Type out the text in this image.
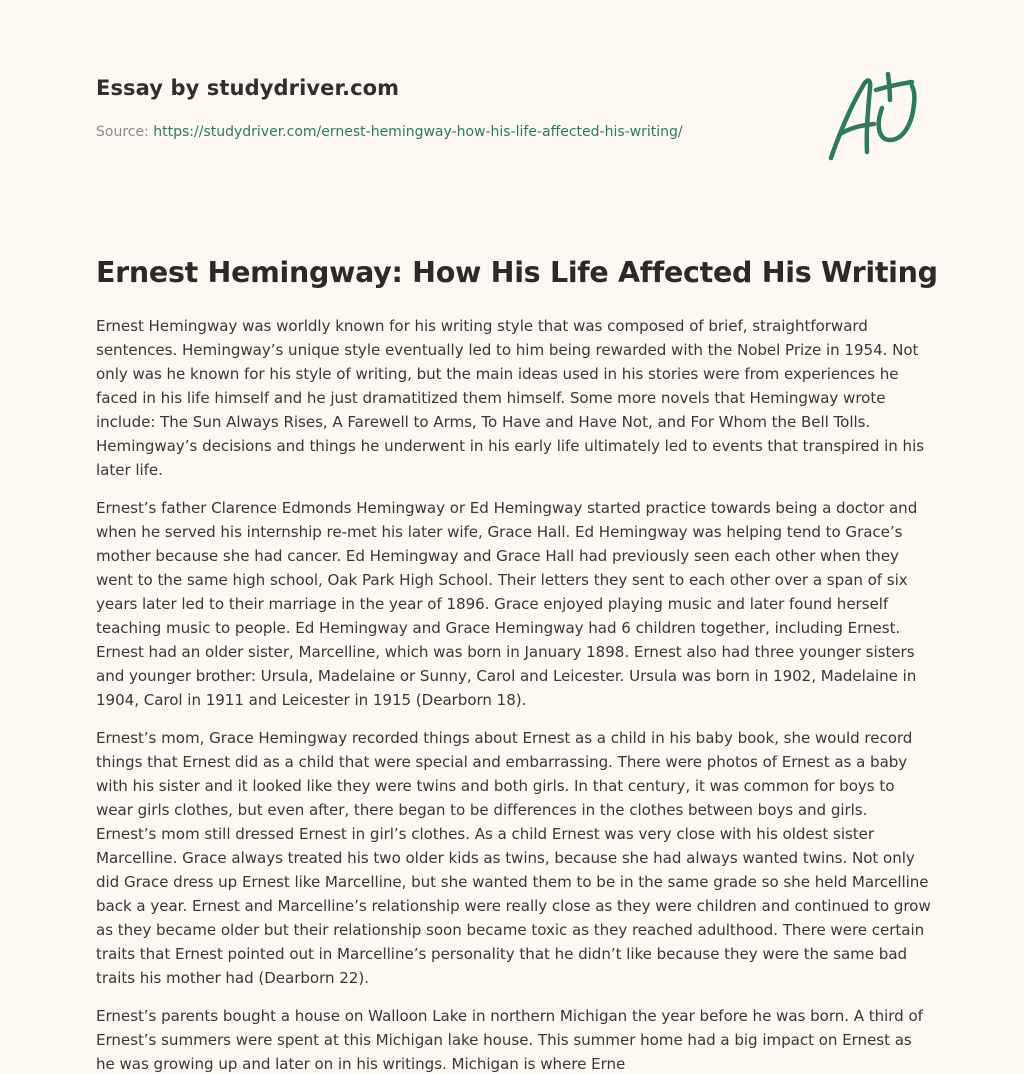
Essay by studydriver.com
Source: https://studydriver.com/ernest-hemingway-how-his-life-affected-his-writing/
Ernest Hemingway: How His Life Affected His Writing

Ernest Hemingway was worldly known for his writing style that was composed of brief, straightforward sentences. Hemingway’s unique style eventually led to him being rewarded with the Nobel Prize in 1954. Not only was he known for his style of writing, but the main ideas used in his stories were from experiences he faced in his life himself and he just dramatitized them himself. Some more novels that Hemingway wrote include: The Sun Always Rises, A Farewell to Arms, To Have and Have Not, and For Whom the Bell Tolls. Hemingway’s decisions and things he underwent in his early life ultimately led to events that transpired in his later life.

Ernest’s father Clarence Edmonds Hemingway or Ed Hemingway started practice towards being a doctor and when he served his internship re-met his later wife, Grace Hall. Ed Hemingway was helping tend to Grace’s mother because she had cancer. Ed Hemingway and Grace Hall had previously seen each other when they went to the same high school, Oak Park High School. Their letters they sent to each other over a span of six years later led to their marriage in the year of 1896. Grace enjoyed playing music and later found herself teaching music to people. Ed Hemingway and Grace Hemingway had 6 children together, including Ernest. Ernest had an older sister, Marcelline, which was born in January 1898. Ernest also had three younger sisters and younger brother: Ursula, Madelaine or Sunny, Carol and Leicester. Ursula was born in 1902, Madelaine in 1904, Carol in 1911 and Leicester in 1915 (Dearborn 18).

Ernest’s mom, Grace Hemingway recorded things about Ernest as a child in his baby book, she would record things that Ernest did as a child that were special and embarrassing. There were photos of Ernest as a baby with his sister and it looked like they were twins and both girls. In that century, it was common for boys to wear girls clothes, but even after, there began to be differences in the clothes between boys and girls. Ernest’s mom still dressed Ernest in girl’s clothes. As a child Ernest was very close with his oldest sister Marcelline. Grace always treated his two older kids as twins, because she had always wanted twins. Not only did Grace dress up Ernest like Marcelline, but she wanted them to be in the same grade so she held Marcelline back a year. Ernest and Marcelline’s relationship were really close as they were children and continued to grow as they became older but their relationship soon became toxic as they reached adulthood. There were certain traits that Ernest pointed out in Marcelline’s personality that he didn’t like because they were the same bad traits his mother had (Dearborn 22).

Ernest’s parents bought a house on Walloon Lake in northern Michigan the year before he was born. A third of Ernest’s summers were spent at this Michigan lake house. This summer home had a big impact on Ernest as he was growing up and later on in his writings. Michigan is where Erne
